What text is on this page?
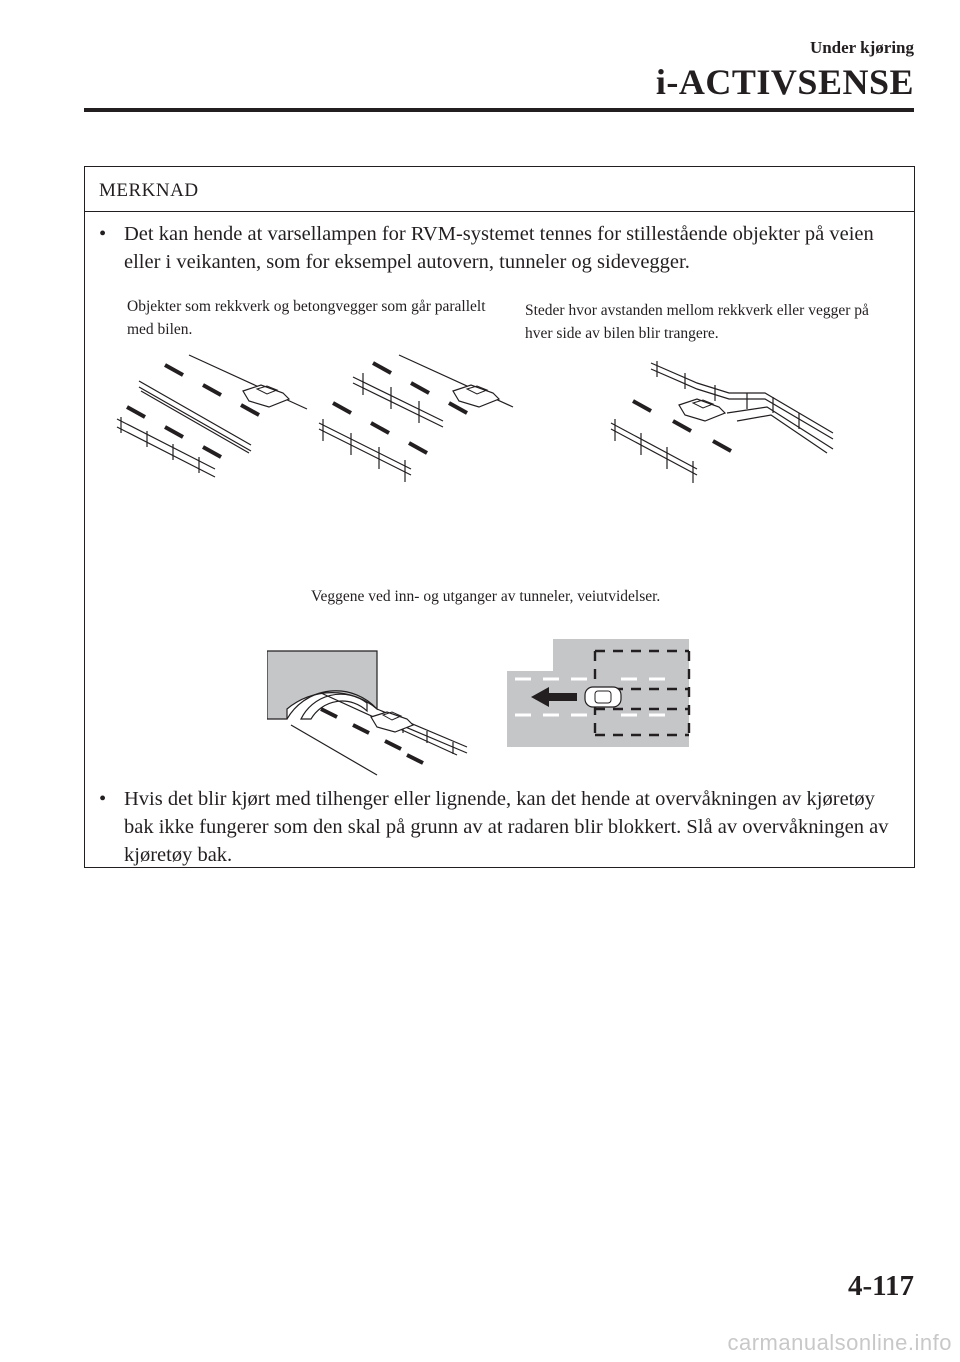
Under kjøring
i-ACTIVSENSE
MERKNAD
• Det kan hende at varsellampen for RVM-systemet tennes for stillestående objekter på veien eller i veikanten, som for eksempel autovern, tunneler og sidevegger.
Objekter som rekkverk og betongvegger som går parallelt med bilen.
Steder hvor avstanden mellom rekkverk eller vegger på hver side av bilen blir trangere.
Veggene ved inn- og utganger av tunneler, veiutvidelser.
• Hvis det blir kjørt med tilhenger eller lignende, kan det hende at overvåkningen av kjøretøy bak ikke fungerer som den skal på grunn av at radaren blir blokkert. Slå av overvåkningen av kjøretøy bak.
4-117
carmanualsonline.info
